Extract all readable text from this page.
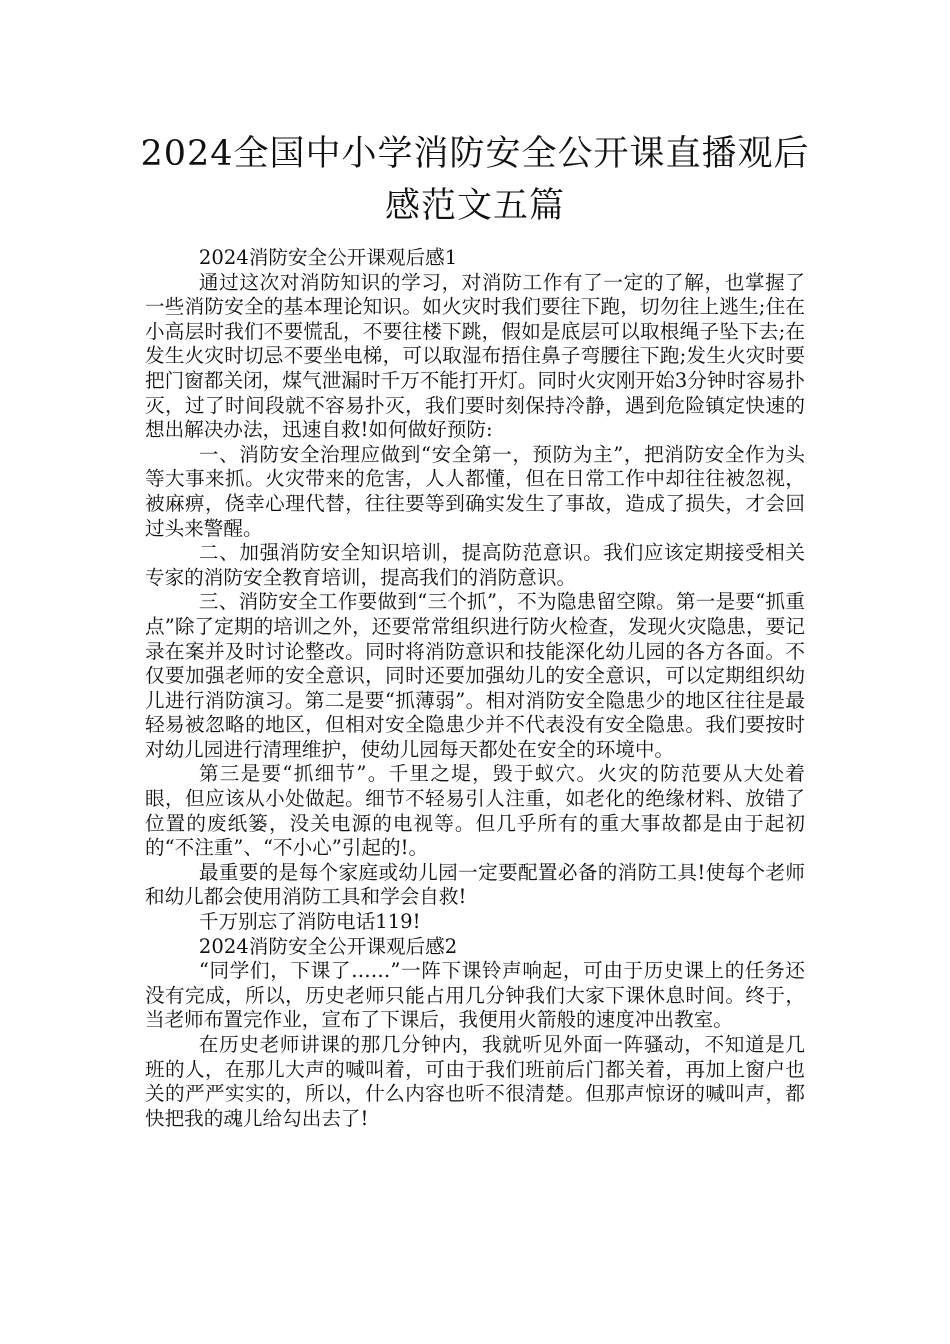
2024全国中小学消防安全公开课直播观后感范文五篇

2024消防安全公开课观后感1

通过这次对消防知识的学习，对消防工作有了一定的了解，也掌握了一些消防安全的基本理论知识。如火灾时我们要往下跑，切勿往上逃生;住在小高层时我们不要慌乱，不要往楼下跳，假如是底层可以取根绳子坠下去;在发生火灾时切忌不要坐电梯，可以取湿布捂住鼻子弯腰往下跑;发生火灾时要把门窗都关闭，煤气泄漏时千万不能打开灯。同时火灾刚开始3分钟时容易扑灭，过了时间段就不容易扑灭，我们要时刻保持冷静，遇到危险镇定快速的想出解决办法，迅速自救!如何做好预防:

一、消防安全治理应做到“安全第一，预防为主”，把消防安全作为头等大事来抓。火灾带来的危害，人人都懂，但在日常工作中却往往被忽视，被麻痹，侥幸心理代替，往往要等到确实发生了事故，造成了损失，才会回过头来警醒。

二、加强消防安全知识培训，提高防范意识。我们应该定期接受相关专家的消防安全教育培训，提高我们的消防意识。

三、消防安全工作要做到“三个抓”，不为隐患留空隙。第一是要“抓重点”除了定期的培训之外，还要常常组织进行防火检查，发现火灾隐患，要记录在案并及时讨论整改。同时将消防意识和技能深化幼儿园的各方各面。不仅要加强老师的安全意识，同时还要加强幼儿的安全意识，可以定期组织幼儿进行消防演习。第二是要“抓薄弱”。相对消防安全隐患少的地区往往是最轻易被忽略的地区，但相对安全隐患少并不代表没有安全隐患。我们要按时对幼儿园进行清理维护，使幼儿园每天都处在安全的环境中。

第三是要“抓细节”。千里之堤，毁于蚁穴。火灾的防范要从大处着眼，但应该从小处做起。细节不轻易引人注重，如老化的绝缘材料、放错了位置的废纸篓，没关电源的电视等。但几乎所有的重大事故都是由于起初的“不注重”、“不小心”引起的!。

最重要的是每个家庭或幼儿园一定要配置必备的消防工具!使每个老师和幼儿都会使用消防工具和学会自救!

千万别忘了消防电话119!

2024消防安全公开课观后感2

“同学们，下课了……”一阵下课铃声响起，可由于历史课上的任务还没有完成，所以，历史老师只能占用几分钟我们大家下课休息时间。终于，当老师布置完作业，宣布了下课后，我便用火箭般的速度冲出教室。

在历史老师讲课的那几分钟内，我就听见外面一阵骚动，不知道是几班的人，在那儿大声的喊叫着，可由于我们班前后门都关着，再加上窗户也关的严严实实的，所以，什么内容也听不很清楚。但那声惊讶的喊叫声，都快把我的魂儿给勾出去了!
